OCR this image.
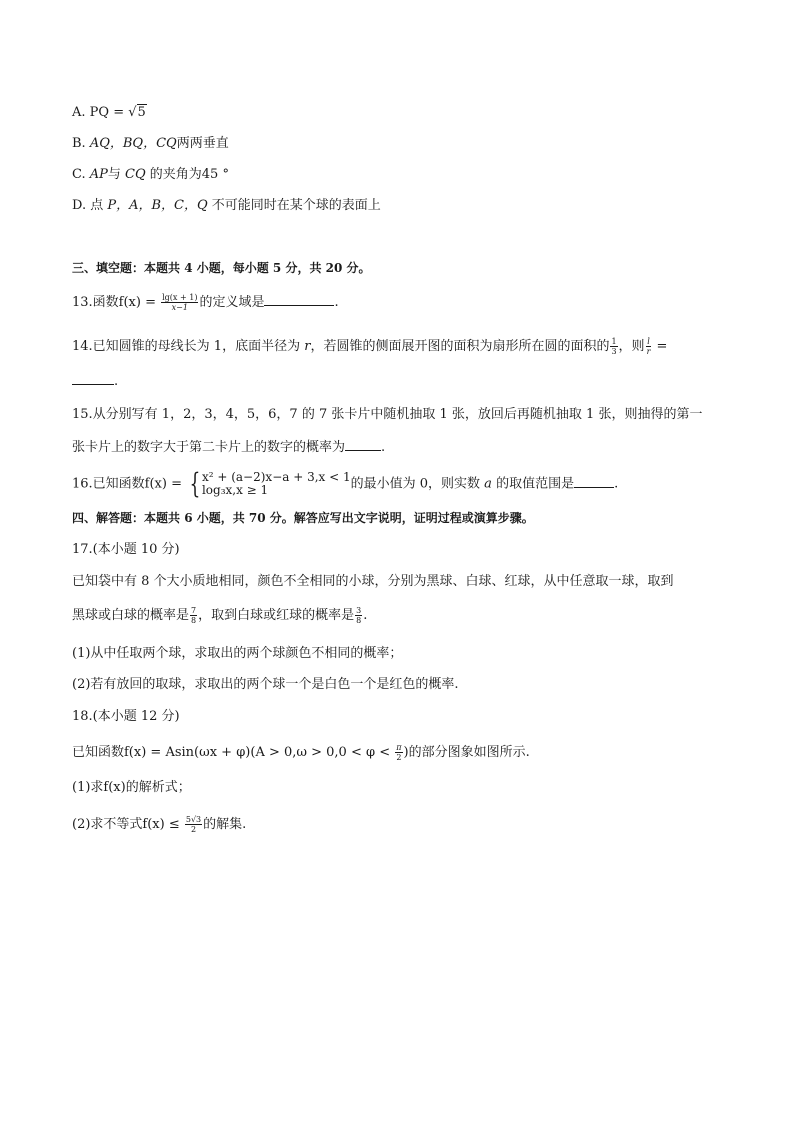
A. PQ = √5
B. AQ，BQ，CQ两两垂直
C. AP与 CQ 的夹角为45 °
D. 点 P，A，B，C，Q 不可能同时在某个球的表面上
三、填空题：本题共 4 小题，每小题 5 分，共 20 分。
13.函数$f(x) = \frac{\lg(x + 1)}{x-1}$ 的定义域是	.
14.已知圆锥的母线长为 1，底面半径为 r，若圆锥的侧面展开图的面积为扇形所在圆的面积的 $\frac{1}{3}$ ，则 $\frac{l}{r}$ =
.
15.从分别写有 1，2，3，4，5，6，7 的 7 张卡片中随机抽取 1 张，放回后再随机抽取 1 张，则抽得的第一
张卡片上的数字大于第二卡片上的数字的概率为	.
16.已知函数f(x) = { x² + (a−2)x−a + 3,x < 1
log₃x,x ≥ 1	的最小值为 0，则实数 a 的取值范围是	.
四、解答题：本题共 6 小题，共 70 分。解答应写出文字说明，证明过程或演算步骤。
17.(本小题 10 分)
已知袋中有 8 个大小质地相同，颜色不全相同的小球，分别为黑球、白球、红球，从中任意取一球，取到
黑球或白球的概率是 $\frac{7}{8}$ ，取到白球或红球的概率是 $\frac{3}{8}$ .
(1)从中任取两个球，求取出的两个球颜色不相同的概率；
(2)若有放回的取球，求取出的两个球一个是白色一个是红色的概率.
18.(本小题 12 分)
已知函数$f(x) = Asin(\omega x + \varphi)(A > 0,\omega > 0,0 < \varphi < \frac{\pi}{2}$ )的部分图象如图所示.
(1)求f(x)的解析式；
(2)求不等式$f(x) \le \frac{5√3}{2}$ 的解集.
